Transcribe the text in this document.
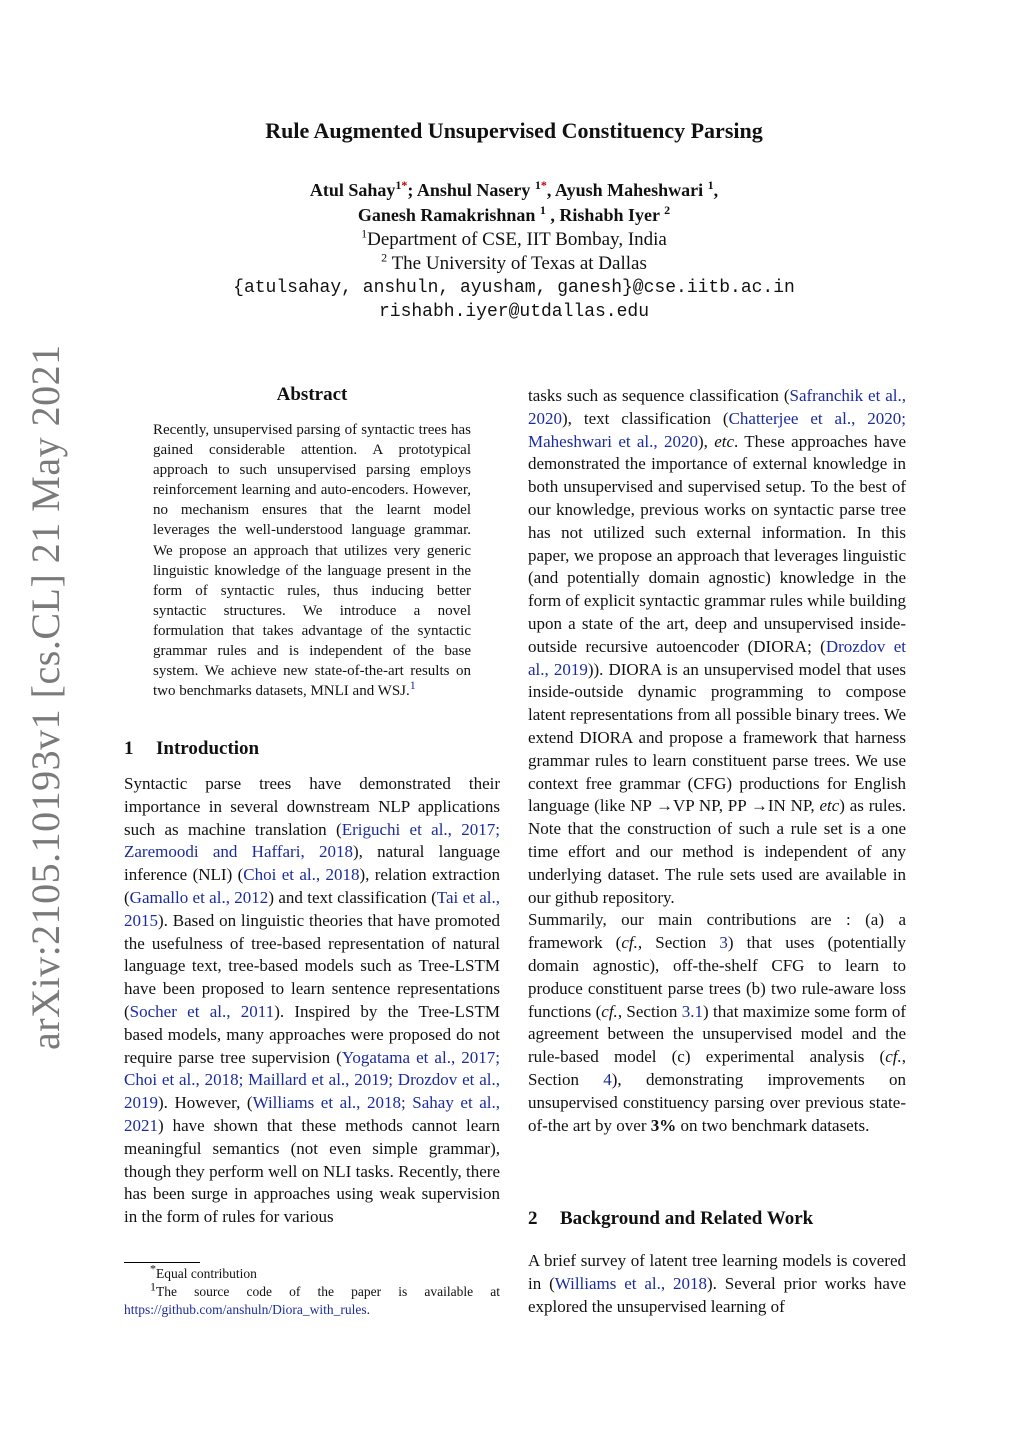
arXiv:2105.10193v1 [cs.CL] 21 May 2021
Rule Augmented Unsupervised Constituency Parsing
Atul Sahay$^{1*}$; Anshul Nasery $^{1*}$, Ayush Maheshwari $^1$,
Ganesh Ramakrishnan $^1$ , Rishabh Iyer $^2$
$^1$Department of CSE, IIT Bombay, India
$^2$ The University of Texas at Dallas
{atulsahay, anshuln, ayusham, ganesh}@cse.iitb.ac.in
rishabh.iyer@utdallas.edu
Abstract

Recently, unsupervised parsing of syntactic trees has gained considerable attention. A prototypical approach to such unsupervised parsing employs reinforcement learning and auto-encoders. However, no mechanism ensures that the learnt model leverages the well-understood language grammar. We propose an approach that utilizes very generic linguistic knowledge of the language present in the form of syntactic rules, thus inducing better syntactic structures. We introduce a novel formulation that takes advantage of the syntactic grammar rules and is independent of the base system. We achieve new state-of-the-art results on two benchmarks datasets, MNLI and WSJ.$^1$

1 Introduction

Syntactic parse trees have demonstrated their importance in several downstream NLP applications such as machine translation (Eriguchi et al., 2017; Zaremoodi and Haffari, 2018), natural language inference (NLI) (Choi et al., 2018), relation extraction (Gamallo et al., 2012) and text classification (Tai et al., 2015). Based on linguistic theories that have promoted the usefulness of tree-based representation of natural language text, tree-based models such as Tree-LSTM have been proposed to learn sentence representations (Socher et al., 2011). Inspired by the Tree-LSTM based models, many approaches were proposed do not require parse tree supervision (Yogatama et al., 2017; Choi et al., 2018; Maillard et al., 2019; Drozdov et al., 2019). However, (Williams et al., 2018; Sahay et al., 2021) have shown that these methods cannot learn meaningful semantics (not even simple grammar), though they perform well on NLI tasks. Recently, there has been surge in approaches using weak supervision in the form of rules for various

*Equal contribution

$^1$The source code of the paper is available at https://github.com/anshuln/Diora_with_rules.

tasks such as sequence classification (Safranchik et al., 2020), text classification (Chatterjee et al., 2020; Maheshwari et al., 2020), etc. These approaches have demonstrated the importance of external knowledge in both unsupervised and supervised setup. To the best of our knowledge, previous works on syntactic parse tree has not utilized such external information. In this paper, we propose an approach that leverages linguistic (and potentially domain agnostic) knowledge in the form of explicit syntactic grammar rules while building upon a state of the art, deep and unsupervised inside-outside recursive autoencoder (DIORA; (Drozdov et al., 2019)). DIORA is an unsupervised model that uses inside-outside dynamic programming to compose latent representations from all possible binary trees. We extend DIORA and propose a framework that harness grammar rules to learn constituent parse trees. We use context free grammar (CFG) productions for English language (like NP →VP NP, PP →IN NP, etc) as rules. Note that the construction of such a rule set is a one time effort and our method is independent of any underlying dataset. The rule sets used are available in our github repository.

Summarily, our main contributions are : (a) a framework (cf., Section 3) that uses (potentially domain agnostic), off-the-shelf CFG to learn to produce constituent parse trees (b) two rule-aware loss functions (cf., Section 3.1) that maximize some form of agreement between the unsupervised model and the rule-based model (c) experimental analysis (cf., Section 4), demonstrating improvements on unsupervised constituency parsing over previous state-of-the art by over 3% on two benchmark datasets.

2 Background and Related Work

A brief survey of latent tree learning models is covered in (Williams et al., 2018). Several prior works have explored the unsupervised learning of
